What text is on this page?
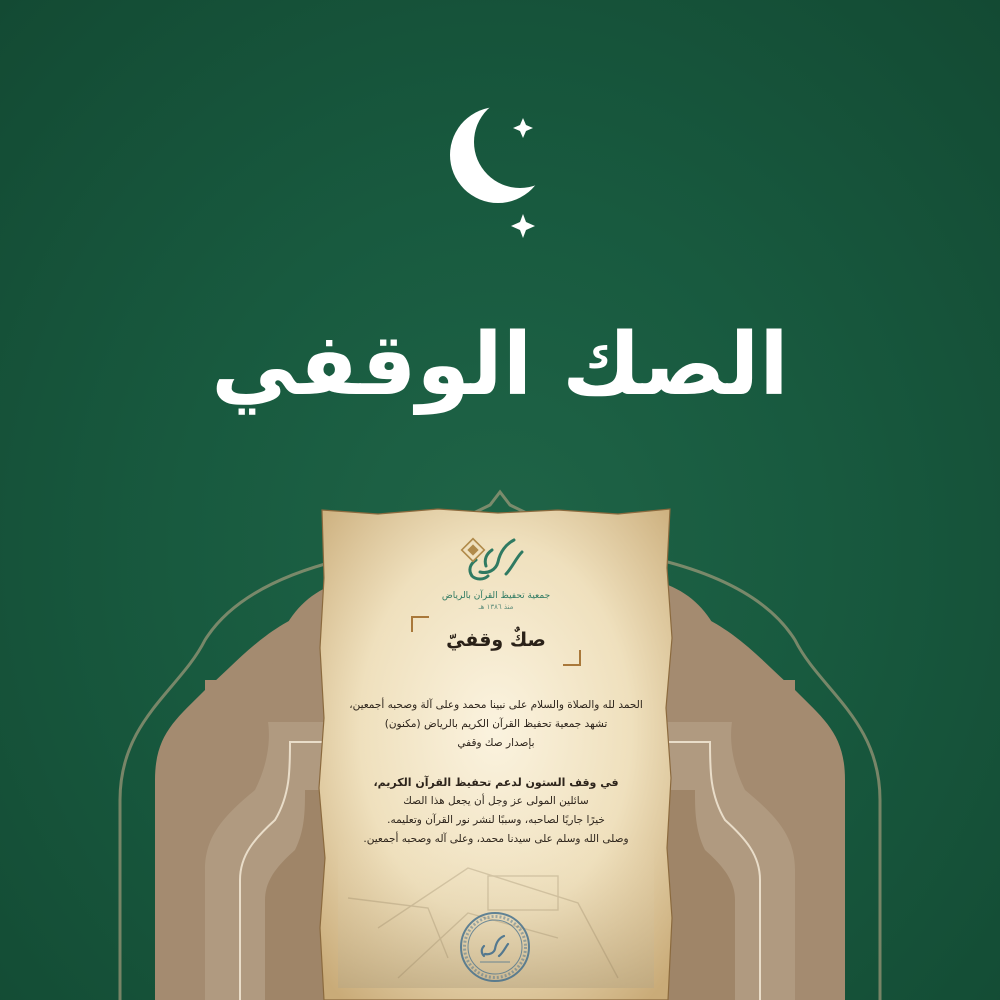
الصك الوقفي
جمعية تحفيظ القرآن بالرياض
منذ ١٣٨٦ هـ
صكٌ وقفيّ

الحمد لله والصلاة والسلام على نبينا محمد وعلى آلة وصحبه أجمعين،

تشهد جمعية تحفيظ القرآن الكريم بالرياض (مكنون)

بإصدار صك وقفي

في وقف الستون لدعم تحفيظ القرآن الكريم،

سائلين المولى عز وجل أن يجعل هذا الصك

خيرًا جاريًا لصاحبه، وسببًا لنشر نور القرآن وتعليمه.

وصلى الله وسلم على سيدنا محمد، وعلى آله وصحبه أجمعين.
